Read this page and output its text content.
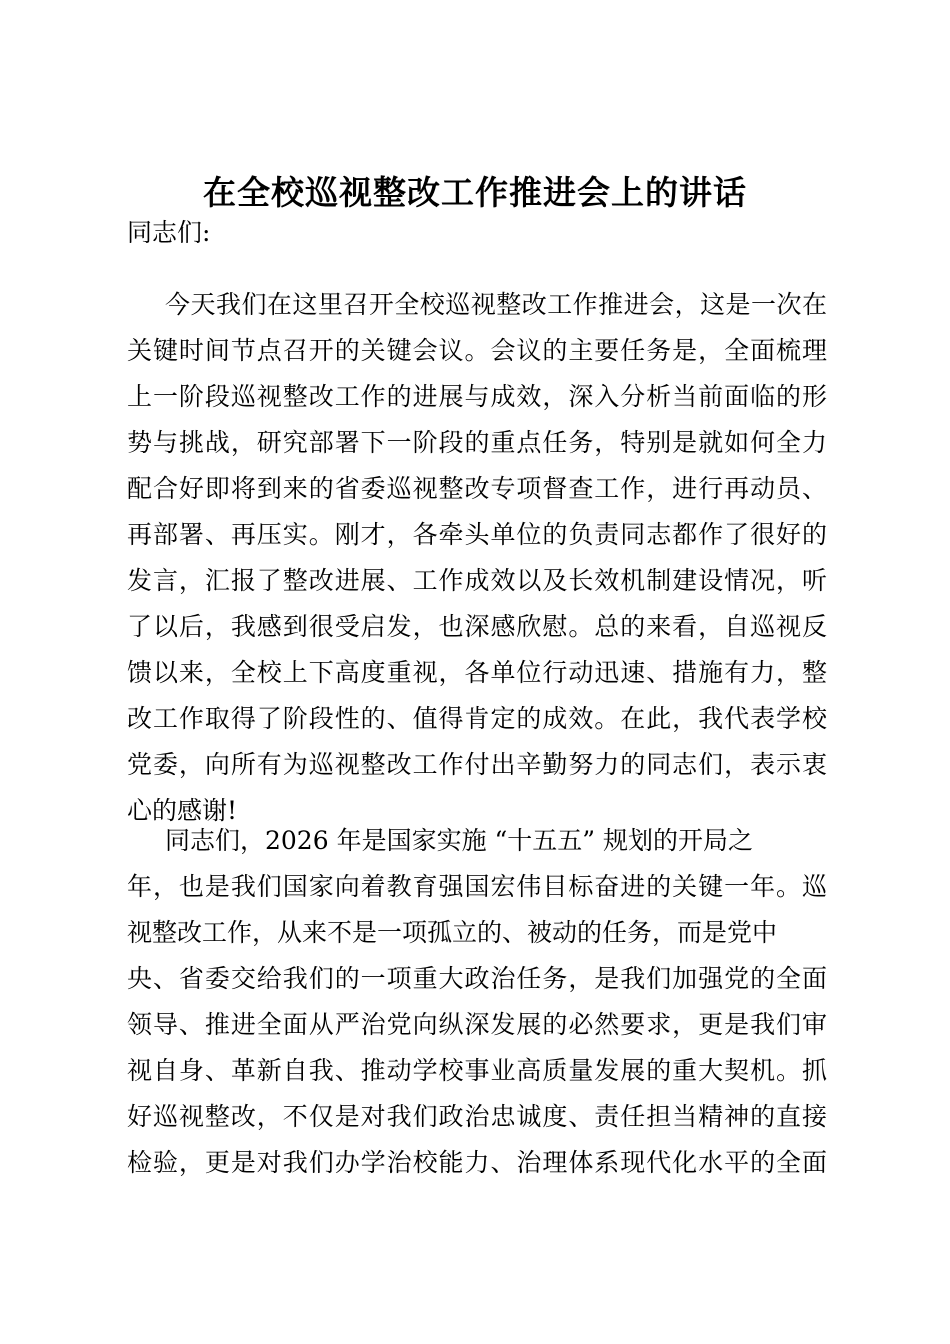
在全校巡视整改工作推进会上的讲话
同志们:
今天我们在这里召开全校巡视整改工作推进会，这是一次在
关键时间节点召开的关键会议。会议的主要任务是，全面梳理
上一阶段巡视整改工作的进展与成效，深入分析当前面临的形
势与挑战，研究部署下一阶段的重点任务，特别是就如何全力
配合好即将到来的省委巡视整改专项督查工作，进行再动员、
再部署、再压实。刚才，各牵头单位的负责同志都作了很好的
发言，汇报了整改进展、工作成效以及长效机制建设情况，听
了以后，我感到很受启发，也深感欣慰。总的来看，自巡视反
馈以来，全校上下高度重视，各单位行动迅速、措施有力，整
改工作取得了阶段性的、值得肯定的成效。在此，我代表学校
党委，向所有为巡视整改工作付出辛勤努力的同志们，表示衷
心的感谢!
同志们，2026 年是国家实施 “十五五” 规划的开局之
年，也是我们国家向着教育强国宏伟目标奋进的关键一年。巡
视整改工作，从来不是一项孤立的、被动的任务，而是党中
央、省委交给我们的一项重大政治任务，是我们加强党的全面
领导、推进全面从严治党向纵深发展的必然要求，更是我们审
视自身、革新自我、推动学校事业高质量发展的重大契机。抓
好巡视整改，不仅是对我们政治忠诚度、责任担当精神的直接
检验，更是对我们办学治校能力、治理体系现代化水平的全面
